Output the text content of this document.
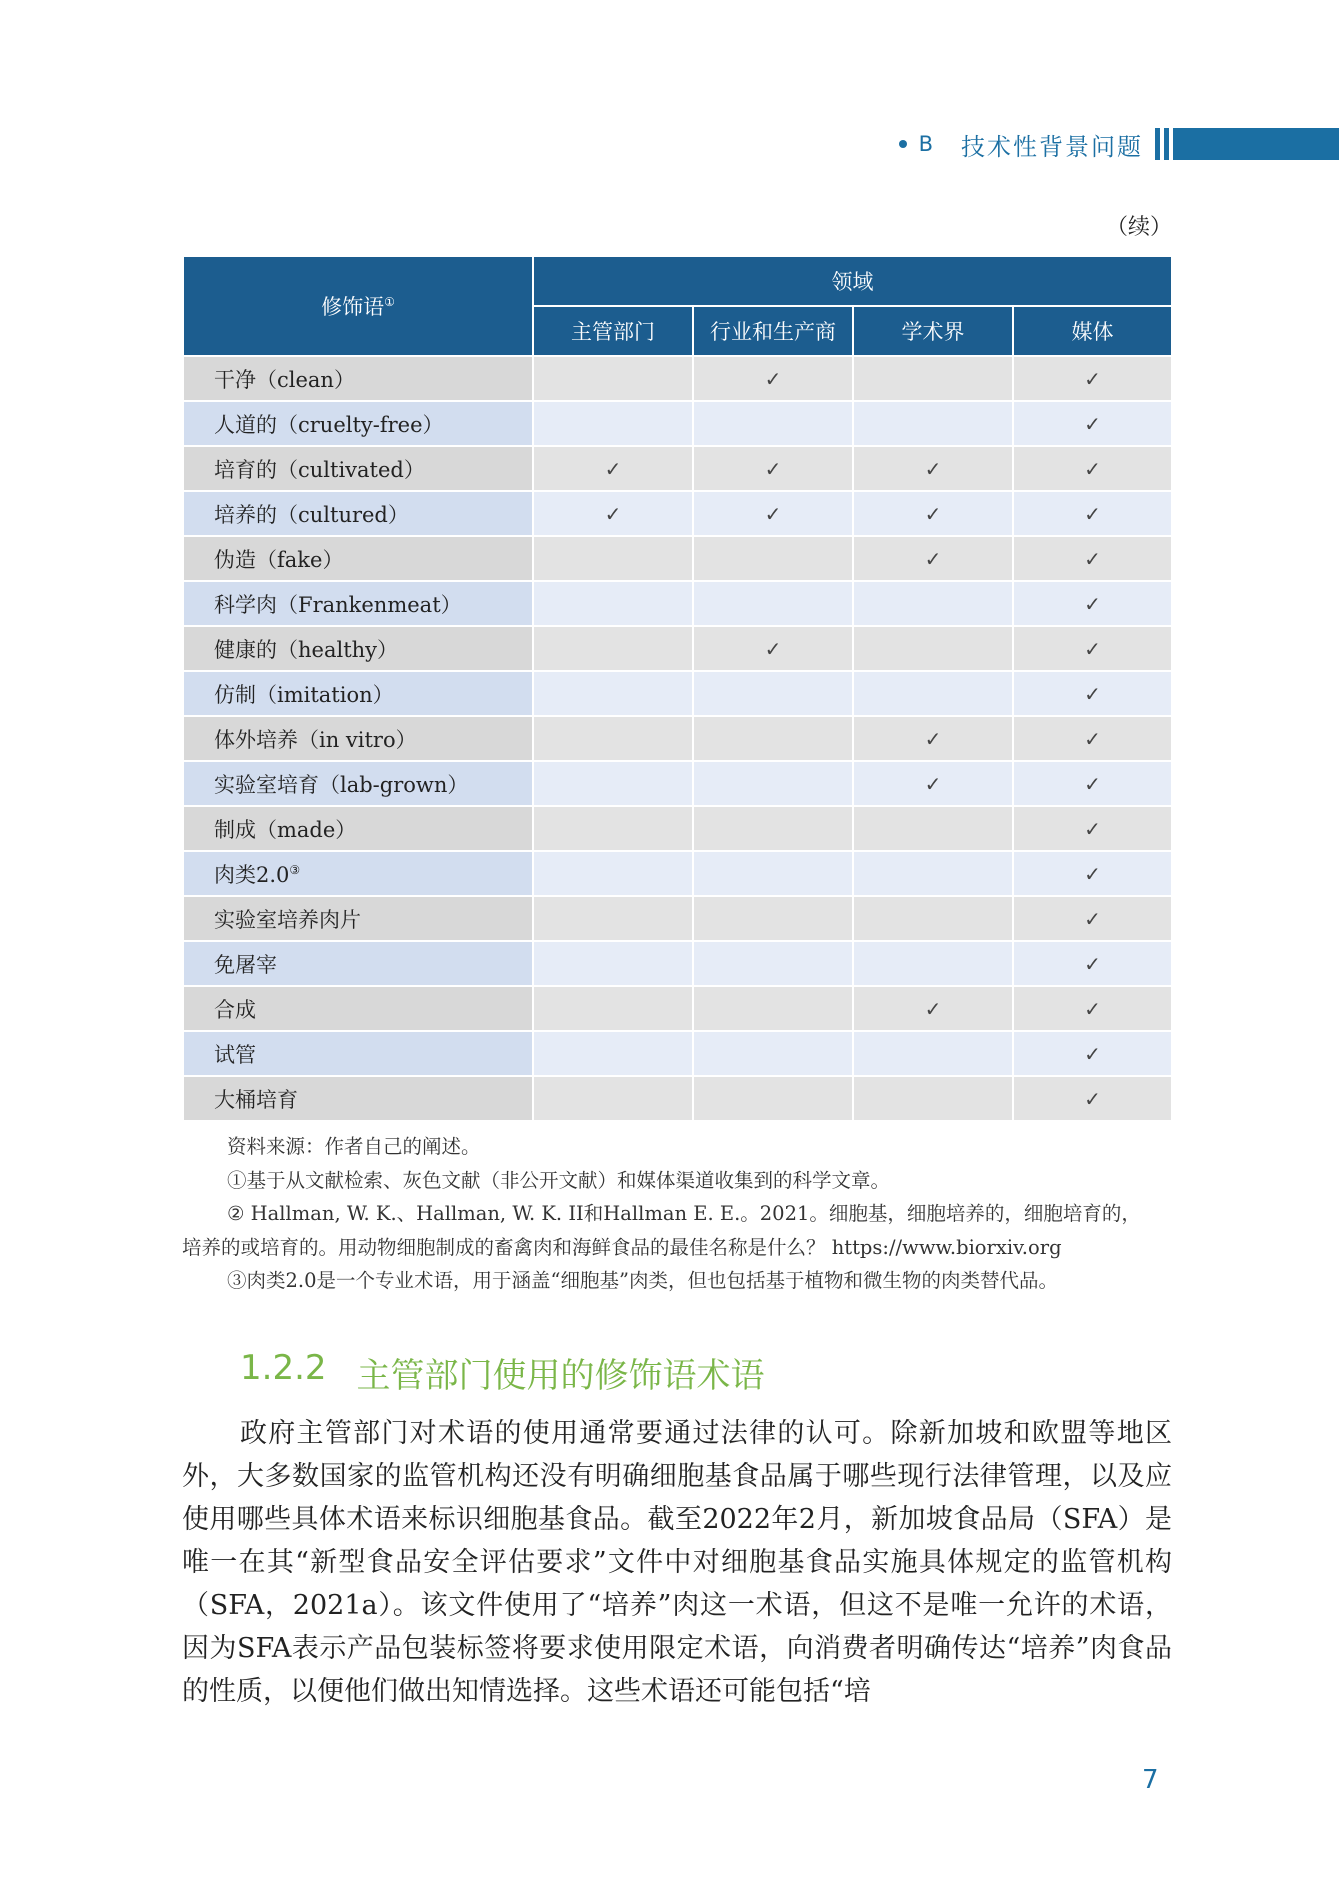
B 技术性背景问题
（续）
修饰语①	领域			
	主管部门	行业和生产商	学术界	媒体
干净（clean）		✓		✓
人道的（cruelty-free）				✓
培育的（cultivated）	✓	✓	✓	✓
培养的（cultured）	✓	✓	✓	✓
伪造（fake）			✓	✓
科学肉（Frankenmeat）				✓
健康的（healthy）		✓		✓
仿制（imitation）				✓
体外培养（in vitro）			✓	✓
实验室培育（lab-grown）			✓	✓
制成（made）				✓
肉类2.0③				✓
实验室培养肉片				✓
免屠宰				✓
合成			✓	✓
试管				✓
大桶培育				✓

资料来源：作者自己的阐述。

①基于从文献检索、灰色文献（非公开文献）和媒体渠道收集到的科学文章。

② Hallman, W. K.、Hallman, W. K. II和Hallman E. E.。2021。细胞基，细胞培养的，细胞培育的，

培养的或培育的。用动物细胞制成的畜禽肉和海鲜食品的最佳名称是什么？ https://www.biorxiv.org

③肉类2.0是一个专业术语，用于涵盖“细胞基”肉类，但也包括基于植物和微生物的肉类替代品。

1.2.2 主管部门使用的修饰语术语

政府主管部门对术语的使用通常要通过法律的认可。除新加坡和欧盟等地区外，大多数国家的监管机构还没有明确细胞基食品属于哪些现行法律管理，以及应使用哪些具体术语来标识细胞基食品。截至2022年2月，新加坡食品局（SFA）是唯一在其“新型食品安全评估要求”文件中对细胞基食品实施具体规定的监管机构（SFA，2021a）。该文件使用了“培养”肉这一术语，但这不是唯一允许的术语，因为SFA表示产品包装标签将要求使用限定术语，向消费者明确传达“培养”肉食品的性质，以便他们做出知情选择。这些术语还可能包括“培

7
